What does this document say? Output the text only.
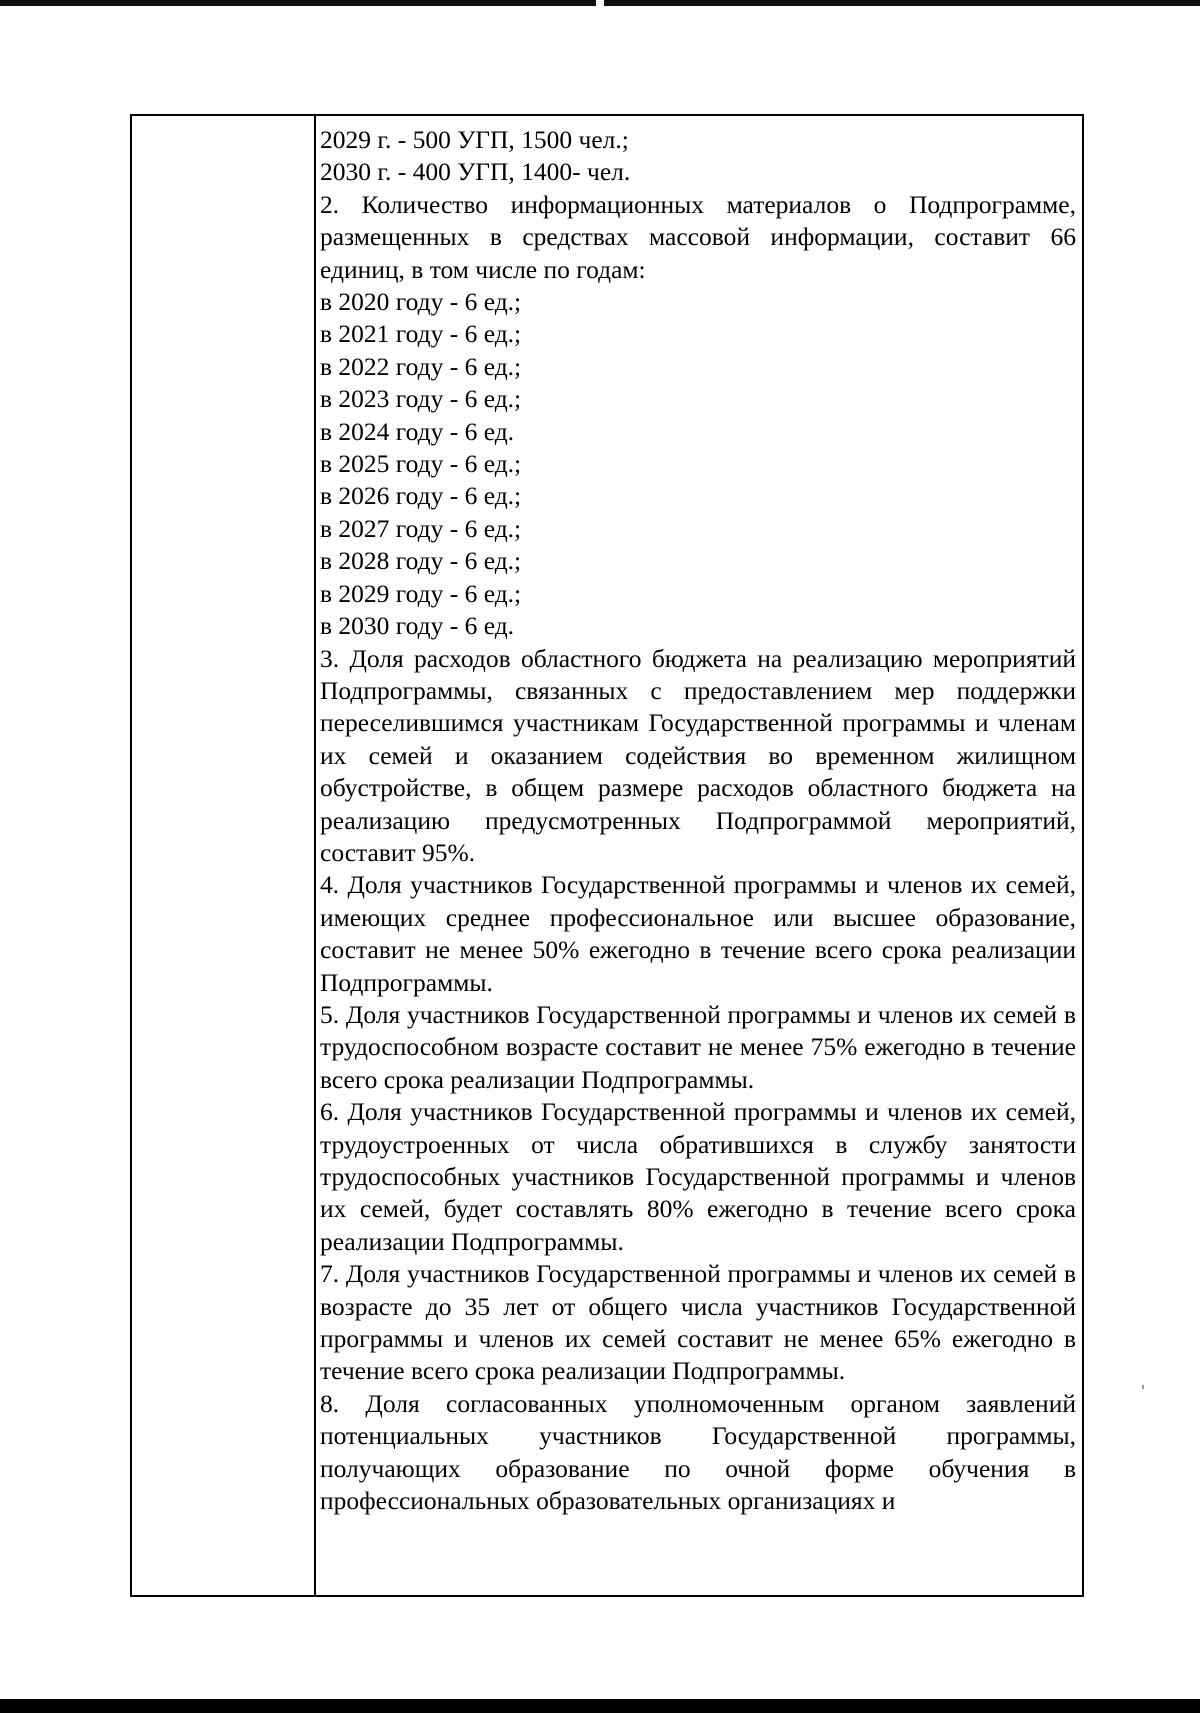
2029 г. - 500 УГП, 1500 чел.;
2030 г. - 400 УГП, 1400- чел.

2. Количество информационных материалов о Подпрограмме, размещенных в средствах массовой информации, составит 66 единиц, в том числе по годам:

в 2020 году - 6 ед.;
в 2021 году - 6 ед.;
в 2022 году - 6 ед.;
в 2023 году - 6 ед.;
в 2024 году - 6 ед.
в 2025 году - 6 ед.;
в 2026 году - 6 ед.;
в 2027 году - 6 ед.;
в 2028 году - 6 ед.;
в 2029 году - 6 ед.;
в 2030 году - 6 ед.

3. Доля расходов областного бюджета на реализацию мероприятий Подпрограммы, связанных с предоставлением мер поддержки переселившимся участникам Государственной программы и членам их семей и оказанием содействия во временном жилищном обустройстве, в общем размере расходов областного бюджета на реализацию предусмотренных Подпрограммой мероприятий, составит 95%.

4. Доля участников Государственной программы и членов их семей, имеющих среднее профессиональное или высшее образование, составит не менее 50% ежегодно в течение всего срока реализации Подпрограммы.

5. Доля участников Государственной программы и членов их семей в трудоспособном возрасте составит не менее 75% ежегодно в течение всего срока реализации Подпрограммы.

6. Доля участников Государственной программы и членов их семей, трудоустроенных от числа обратившихся в службу занятости трудоспособных участников Государственной программы и членов их семей, будет составлять 80% ежегодно в течение всего срока реализации Подпрограммы.

7. Доля участников Государственной программы и членов их семей в возрасте до 35 лет от общего числа участников Государственной программы и членов их семей составит не менее 65% ежегодно в течение всего срока реализации Подпрограммы.

8. Доля согласованных уполномоченным органом заявлений потенциальных участников Государственной программы, получающих образование по очной форме обучения в профессиональных образовательных организациях и
